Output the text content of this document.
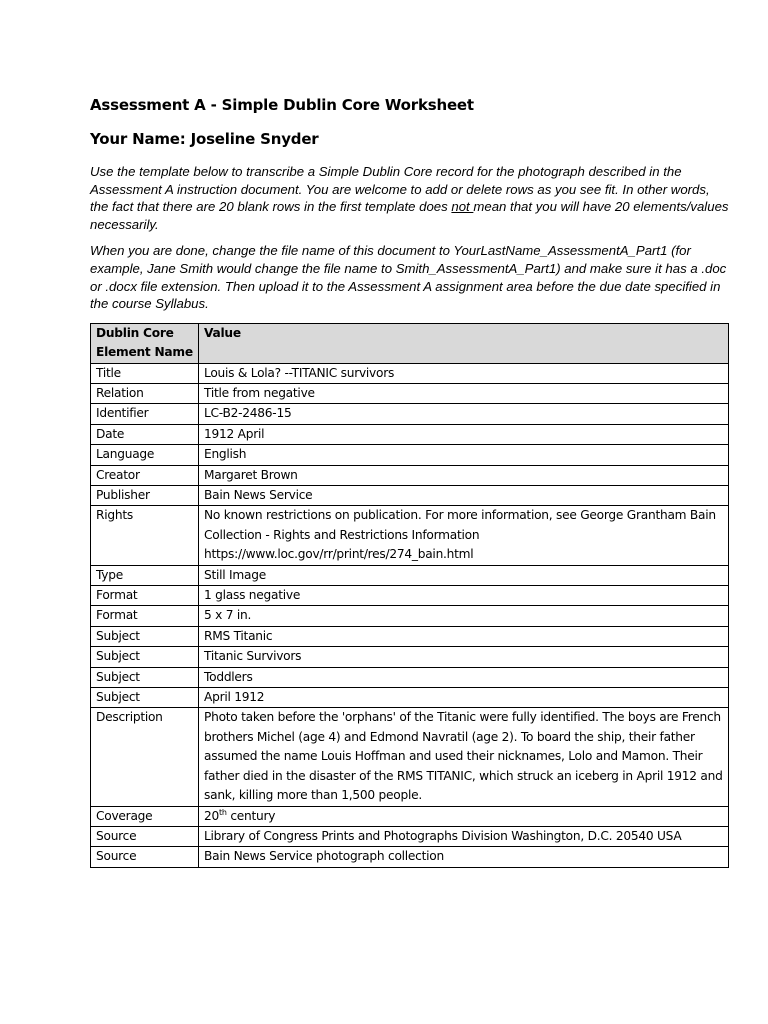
Assessment A - Simple Dublin Core Worksheet
Your Name: Joseline Snyder

Use the template below to transcribe a Simple Dublin Core record for the photograph described in the Assessment A instruction document. You are welcome to add or delete rows as you see fit. In other words, the fact that there are 20 blank rows in the first template does not mean that you will have 20 elements/values necessarily.

When you are done, change the file name of this document to YourLastName_AssessmentA_Part1 (for example, Jane Smith would change the file name to Smith_AssessmentA_Part1) and make sure it has a .doc or .docx file extension. Then upload it to the Assessment A assignment area before the due date specified in the course Syllabus.

Dublin Core Element Name	Value
Title	Louis & Lola? --TITANIC survivors
Relation	Title from negative
Identifier	LC-B2-2486-15
Date	1912 April
Language	English
Creator	Margaret Brown
Publisher	Bain News Service
Rights	No known restrictions on publication. For more information, see George Grantham Bain Collection - Rights and Restrictions Information https://www.loc.gov/rr/print/res/274_bain.html
Type	Still Image
Format	1 glass negative
Format	5 x 7 in.
Subject	RMS Titanic
Subject	Titanic Survivors
Subject	Toddlers
Subject	April 1912
Description	Photo taken before the 'orphans' of the Titanic were fully identified. The boys are French brothers Michel (age 4) and Edmond Navratil (age 2). To board the ship, their father assumed the name Louis Hoffman and used their nicknames, Lolo and Mamon. Their father died in the disaster of the RMS TITANIC, which struck an iceberg in April 1912 and sank, killing more than 1,500 people.
Coverage	20th century
Source	Library of Congress Prints and Photographs Division Washington, D.C. 20540 USA
Source	Bain News Service photograph collection
